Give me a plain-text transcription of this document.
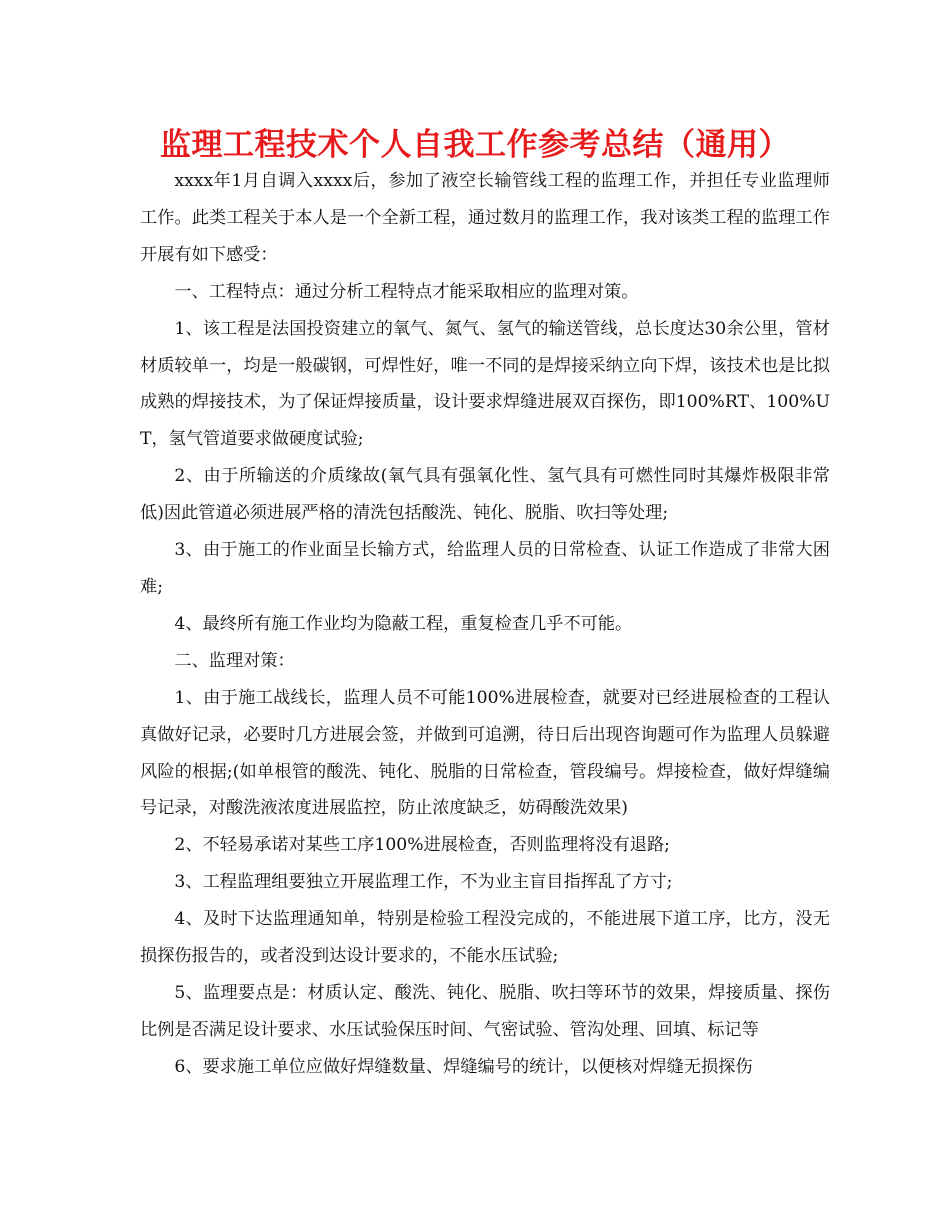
监理工程技术个人自我工作参考总结（通用）

xxxx年1月自调入xxxx后，参加了液空长输管线工程的监理工作，并担任专业监理师工作。此类工程关于本人是一个全新工程，通过数月的监理工作，我对该类工程的监理工作开展有如下感受：

一、工程特点：通过分析工程特点才能采取相应的监理对策。

1、该工程是法国投资建立的氧气、氮气、氢气的输送管线，总长度达30余公里，管材材质较单一，均是一般碳钢，可焊性好，唯一不同的是焊接采纳立向下焊，该技术也是比拟成熟的焊接技术，为了保证焊接质量，设计要求焊缝进展双百探伤，即100%RT、100%UT，氢气管道要求做硬度试验;

2、由于所输送的介质缘故(氧气具有强氧化性、氢气具有可燃性同时其爆炸极限非常低)因此管道必须进展严格的清洗包括酸洗、钝化、脱脂、吹扫等处理;

3、由于施工的作业面呈长输方式，给监理人员的日常检查、认证工作造成了非常大困难;

4、最终所有施工作业均为隐蔽工程，重复检查几乎不可能。

二、监理对策：

1、由于施工战线长，监理人员不可能100%进展检查，就要对已经进展检查的工程认真做好记录，必要时几方进展会签，并做到可追溯，待日后出现咨询题可作为监理人员躲避风险的根据;(如单根管的酸洗、钝化、脱脂的日常检查，管段编号。焊接检查，做好焊缝编号记录，对酸洗液浓度进展监控，防止浓度缺乏，妨碍酸洗效果)

2、不轻易承诺对某些工序100%进展检查，否则监理将没有退路;

3、工程监理组要独立开展监理工作，不为业主盲目指挥乱了方寸;

4、及时下达监理通知单，特别是检验工程没完成的，不能进展下道工序，比方，没无损探伤报告的，或者没到达设计要求的，不能水压试验;

5、监理要点是：材质认定、酸洗、钝化、脱脂、吹扫等环节的效果，焊接质量、探伤比例是否满足设计要求、水压试验保压时间、气密试验、管沟处理、回填、标记等

6、要求施工单位应做好焊缝数量、焊缝编号的统计，以便核对焊缝无损探伤
